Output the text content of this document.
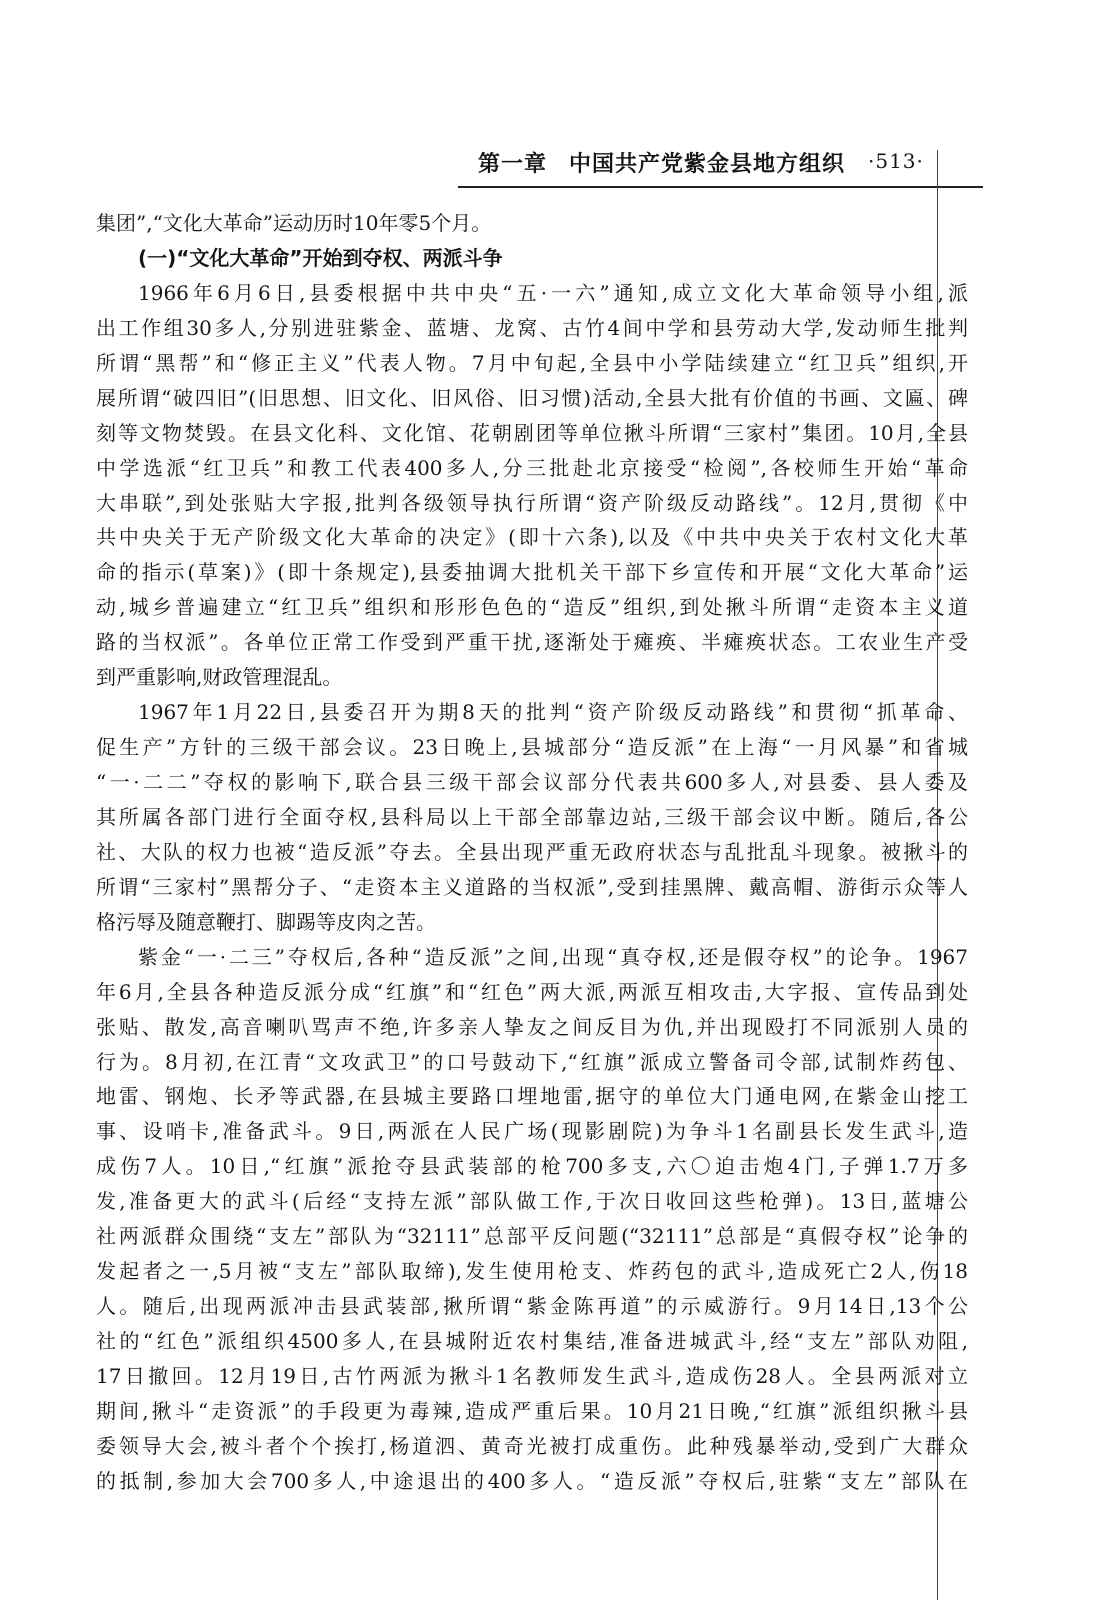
第一章 中国共产党紫金县地方组织 ·513·
集团”,“文化大革命”运动历时10年零5个月。
(一)“文化大革命”开始到夺权、两派斗争
1966年6月6日,县委根据中共中央“五·一六”通知,成立文化大革命领导小组,派
出工作组30多人,分别进驻紫金、蓝塘、龙窝、古竹4间中学和县劳动大学,发动师生批判
所谓“黑帮”和“修正主义”代表人物。7月中旬起,全县中小学陆续建立“红卫兵”组织,开
展所谓“破四旧”(旧思想、旧文化、旧风俗、旧习惯)活动,全县大批有价值的书画、文匾、碑
刻等文物焚毁。在县文化科、文化馆、花朝剧团等单位揪斗所谓“三家村”集团。10月,全县
中学选派“红卫兵”和教工代表400多人,分三批赴北京接受“检阅”,各校师生开始“革命
大串联”,到处张贴大字报,批判各级领导执行所谓“资产阶级反动路线”。12月,贯彻《中
共中央关于无产阶级文化大革命的决定》(即十六条),以及《中共中央关于农村文化大革
命的指示(草案)》(即十条规定),县委抽调大批机关干部下乡宣传和开展“文化大革命”运
动,城乡普遍建立“红卫兵”组织和形形色色的“造反”组织,到处揪斗所谓“走资本主义道
路的当权派”。各单位正常工作受到严重干扰,逐渐处于瘫痪、半瘫痪状态。工农业生产受
到严重影响,财政管理混乱。
1967年1月22日,县委召开为期8天的批判“资产阶级反动路线”和贯彻“抓革命、
促生产”方针的三级干部会议。23日晚上,县城部分“造反派”在上海“一月风暴”和省城
“一·二二”夺权的影响下,联合县三级干部会议部分代表共600多人,对县委、县人委及
其所属各部门进行全面夺权,县科局以上干部全部靠边站,三级干部会议中断。随后,各公
社、大队的权力也被“造反派”夺去。全县出现严重无政府状态与乱批乱斗现象。被揪斗的
所谓“三家村”黑帮分子、“走资本主义道路的当权派”,受到挂黑牌、戴高帽、游街示众等人
格污辱及随意鞭打、脚踢等皮肉之苦。
紫金“一·二三”夺权后,各种“造反派”之间,出现“真夺权,还是假夺权”的论争。1967
年6月,全县各种造反派分成“红旗”和“红色”两大派,两派互相攻击,大字报、宣传品到处
张贴、散发,高音喇叭骂声不绝,许多亲人挚友之间反目为仇,并出现殴打不同派别人员的
行为。8月初,在江青“文攻武卫”的口号鼓动下,“红旗”派成立警备司令部,试制炸药包、
地雷、钢炮、长矛等武器,在县城主要路口埋地雷,据守的单位大门通电网,在紫金山挖工
事、设哨卡,准备武斗。9日,两派在人民广场(现影剧院)为争斗1名副县长发生武斗,造
成伤7人。10日,“红旗”派抢夺县武装部的枪700多支,六〇迫击炮4门,子弹1.7万多
发,准备更大的武斗(后经“支持左派”部队做工作,于次日收回这些枪弹)。13日,蓝塘公
社两派群众围绕“支左”部队为“32111”总部平反问题(“32111”总部是“真假夺权”论争的
发起者之一,5月被“支左”部队取缔),发生使用枪支、炸药包的武斗,造成死亡2人,伤18
人。随后,出现两派冲击县武装部,揪所谓“紫金陈再道”的示威游行。9月14日,13个公
社的“红色”派组织4500多人,在县城附近农村集结,准备进城武斗,经“支左”部队劝阻,
17日撤回。12月19日,古竹两派为揪斗1名教师发生武斗,造成伤28人。全县两派对立
期间,揪斗“走资派”的手段更为毒辣,造成严重后果。10月21日晚,“红旗”派组织揪斗县
委领导大会,被斗者个个挨打,杨道泗、黄奇光被打成重伤。此种残暴举动,受到广大群众
的抵制,参加大会700多人,中途退出的400多人。“造反派”夺权后,驻紫“支左”部队在
